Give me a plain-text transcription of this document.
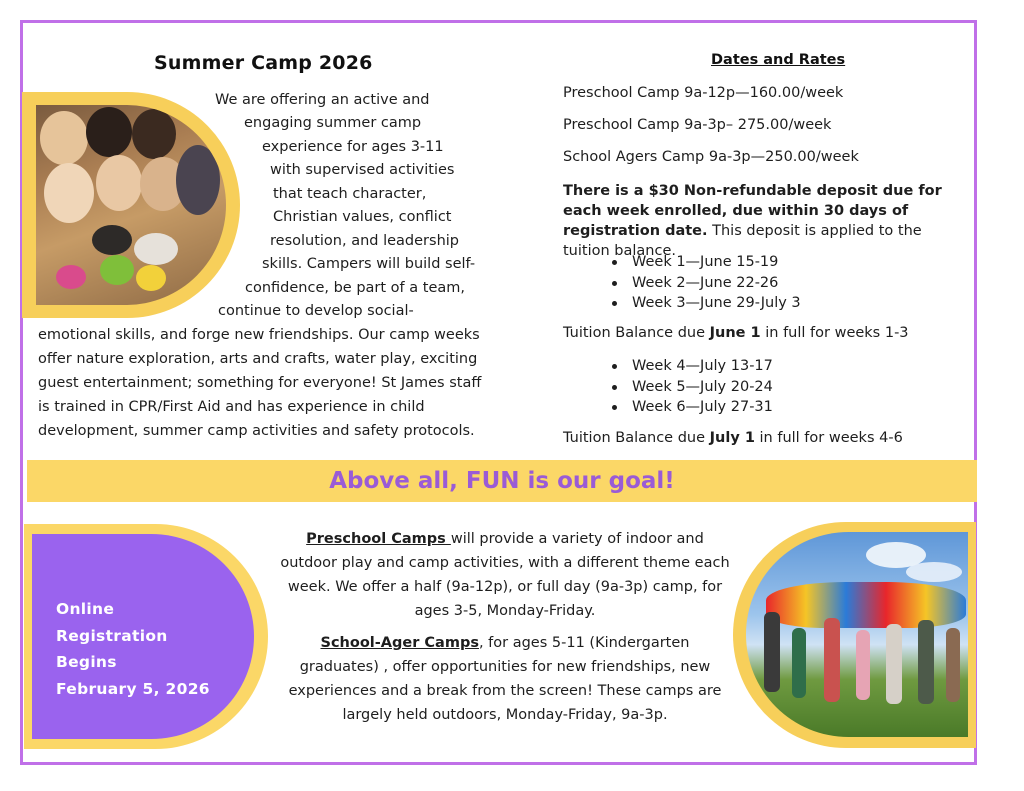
Summer Camp 2026

We are offering an active and

engaging summer camp

experience for ages 3-11

with supervised activities

that teach character,

Christian values, conflict

resolution, and leadership

skills. Campers will build self-

confidence, be part of a team,

continue to develop social-

emotional skills, and forge new friendships. Our camp weeks

offer nature exploration, arts and crafts, water play, exciting

guest entertainment; something for everyone! St James staff

is trained in CPR/First Aid and has experience in child

development, summer camp activities and safety protocols.

Dates and Rates

Preschool Camp 9a-12p—160.00/week

Preschool Camp 9a-3p– 275.00/week

School Agers Camp 9a-3p—250.00/week

There is a $30 Non-refundable deposit due for each week enrolled, due within 30 days of registration date. This deposit is applied to the tuition balance.

Week 1—June 15-19
Week 2—June 22-26
Week 3—June 29-July 3

Tuition Balance due June 1 in full for weeks 1-3

Week 4—July 13-17
Week 5—July 20-24
Week 6—July 27-31

Tuition Balance due July 1 in full for weeks 4-6

Above all, FUN is our goal!
Online
Registration
Begins
February 5, 2026

Preschool Camps will provide a variety of indoor and outdoor play and camp activities, with a different theme each week. We offer a half (9a-12p), or full day (9a-3p) camp, for ages 3-5, Monday-Friday.

School-Ager Camps, for ages 5-11 (Kindergarten graduates) , offer opportunities for new friendships, new experiences and a break from the screen! These camps are largely held outdoors, Monday-Friday, 9a-3p.
